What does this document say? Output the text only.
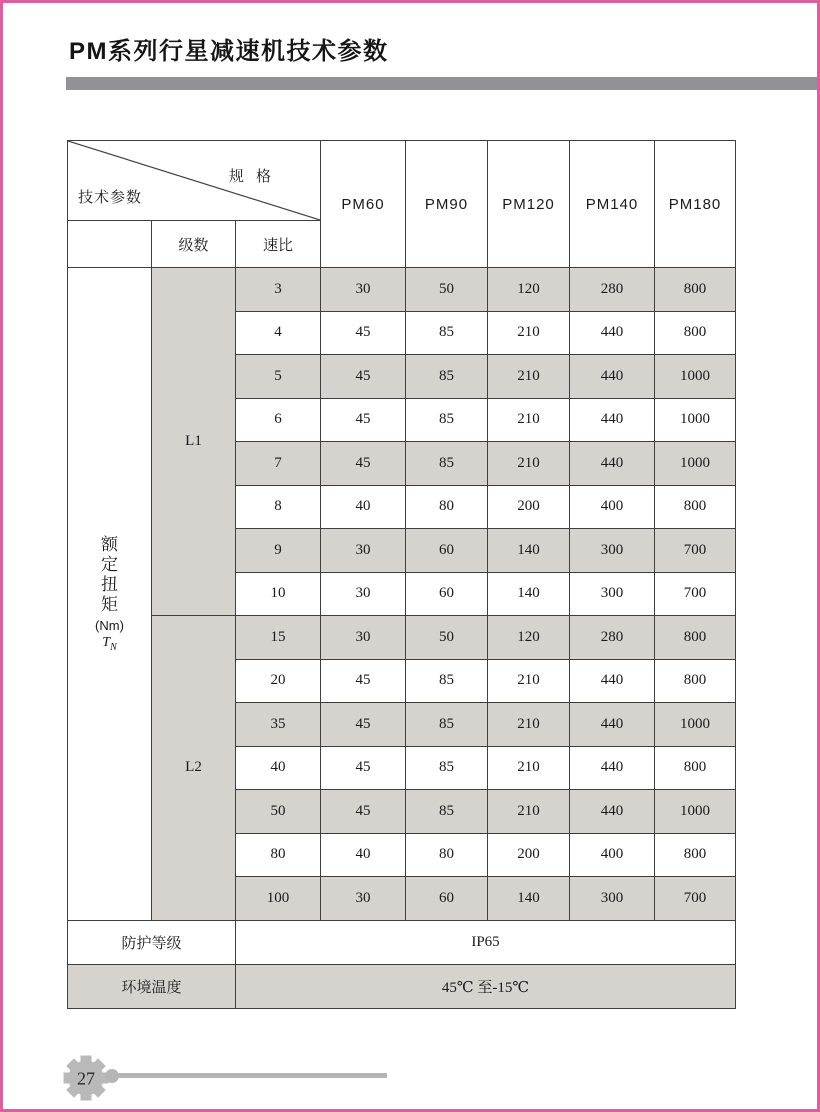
PM系列行星减速机技术参数
规 格
技术参数			PM60	PM90	PM120	PM140	PM180
	级数	速比					

额
定
扭
矩
(Nm)
$T_N$
	L1	3	30	50	120	280	800
		4	45	85	210	440	800
		5	45	85	210	440	1000
		6	45	85	210	440	1000
		7	45	85	210	440	1000
		8	40	80	200	400	800
		9	30	60	140	300	700
		10	30	60	140	300	700
	L2	15	30	50	120	280	800
		20	45	85	210	440	800
		35	45	85	210	440	1000
		40	45	85	210	440	800
		50	45	85	210	440	1000
		80	40	80	200	400	800
		100	30	60	140	300	700
防护等级		IP65					
环境温度		45℃ 至-15℃					
27
